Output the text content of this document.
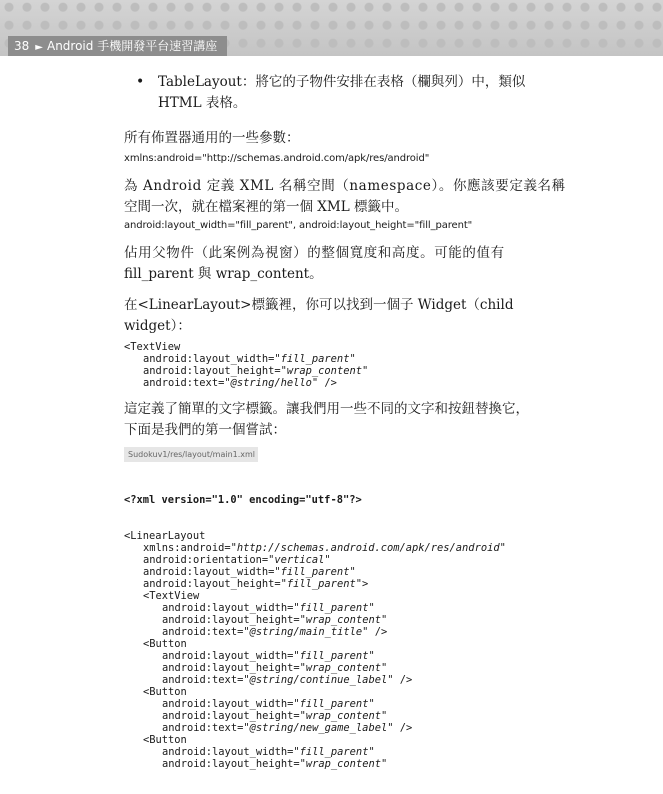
38 ► Android 手機開發平台速習講座
• TableLayout：將它的子物件安排在表格（欄與列）中，類似
HTML 表格。
所有佈置器通用的一些參數：
xmlns:android="http://schemas.android.com/apk/res/android"
為 Android 定義 XML 名稱空間（namespace）。你應該要定義名稱
空間一次，就在檔案裡的第一個 XML 標籤中。
android:layout_width="fill_parent", android:layout_height="fill_parent"
佔用父物件（此案例為視窗）的整個寬度和高度。可能的值有
fill_parent 與 wrap_content。
在<LinearLayout>標籤裡，你可以找到一個子 Widget（child widget）：
<TextView
android:layout_width="fill_parent"
android:layout_height="wrap_content"
android:text="@string/hello" />
這定義了簡單的文字標籤。讓我們用一些不同的文字和按鈕替換它，
下面是我們的第一個嘗試：
Sudokuv1/res/layout/main1.xml

<?xml version="1.0" encoding="utf-8"?>

<LinearLayout
xmlns:android="http://schemas.android.com/apk/res/android"
android:orientation="vertical"
android:layout_width="fill_parent"
android:layout_height="fill_parent">
<TextView
android:layout_width="fill_parent"
android:layout_height="wrap_content"
android:text="@string/main_title" />
<Button
android:layout_width="fill_parent"
android:layout_height="wrap_content"
android:text="@string/continue_label" />
<Button
android:layout_width="fill_parent"
android:layout_height="wrap_content"
android:text="@string/new_game_label" />
<Button
android:layout_width="fill_parent"
android:layout_height="wrap_content"
